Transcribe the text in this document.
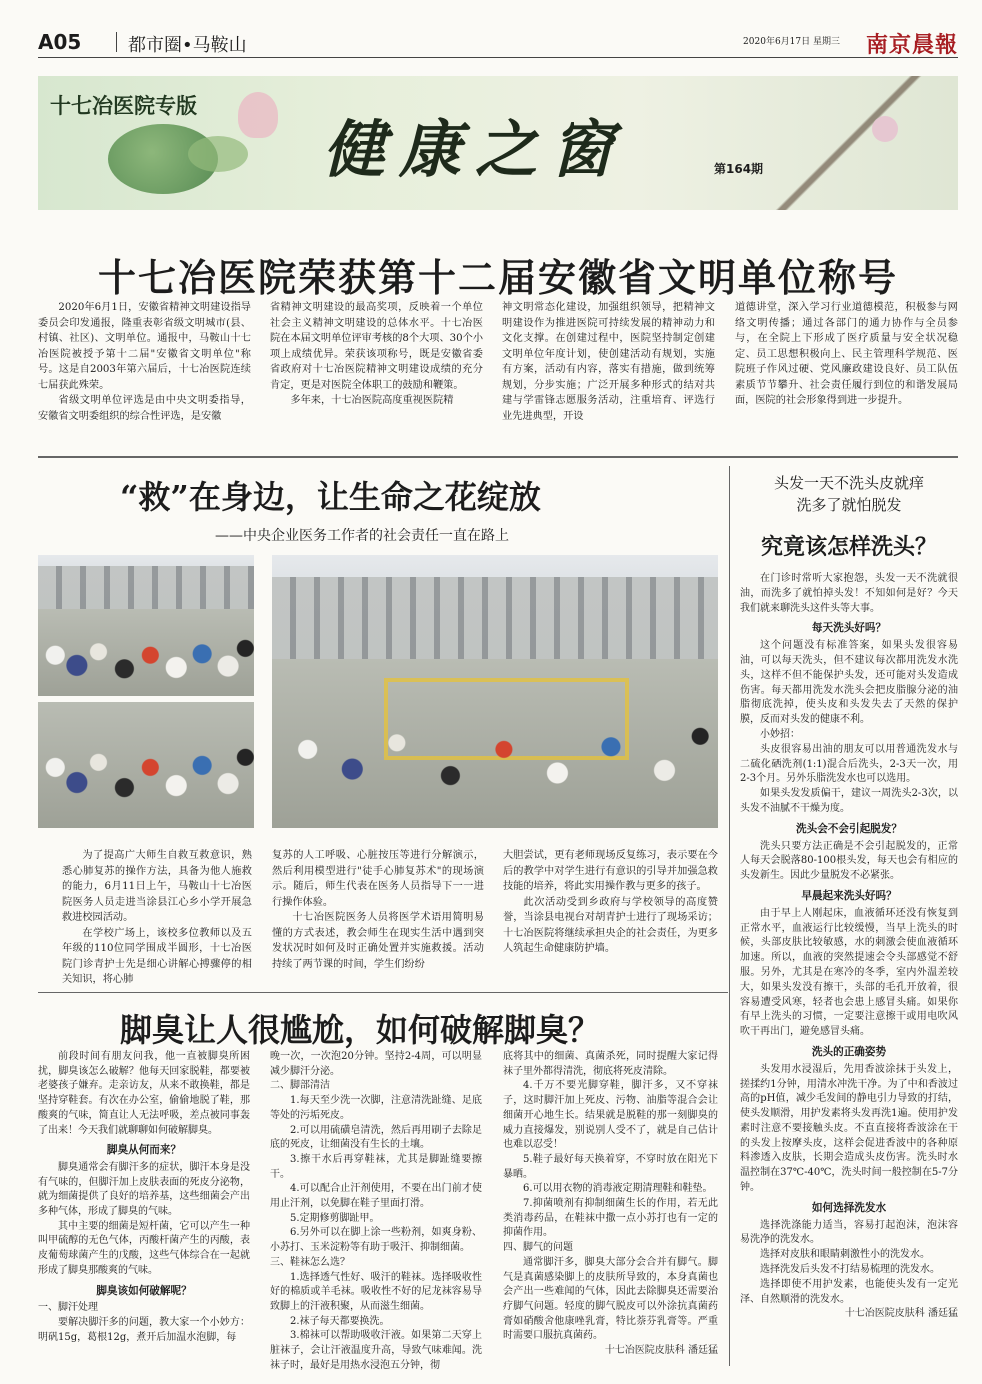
A05	都市圈•马鞍山	2020年6月17日 星期三 南京晨報
十七冶医院专版
健康之窗	第164期
十七冶医院荣获第十二届安徽省文明单位称号

2020年6月1日，安徽省精神文明建设指导委员会印发通报，隆重表彰省级文明城市(县、村镇、社区)、文明单位。通报中，马鞍山十七冶医院被授予第十二届"安徽省文明单位"称号。这是自2003年第六届后，十七冶医院连续七届获此殊荣。

省级文明单位评选是由中央文明委指导，安徽省文明委组织的综合性评选，是安徽

省精神文明建设的最高奖项，反映着一个单位社会主义精神文明建设的总体水平。十七冶医院在本届文明单位评审考核的8个大项、30个小项上成绩优异。荣获该项称号，既是安徽省委省政府对十七冶医院精神文明建设成绩的充分肯定，更是对医院全体职工的鼓励和鞭策。

多年来，十七冶医院高度重视医院精

神文明常态化建设，加强组织领导，把精神文明建设作为推进医院可持续发展的精神动力和文化支撑。在创建过程中，医院坚持制定创建文明单位年度计划，使创建活动有规划，实施有方案，活动有内容，落实有措施，做到统筹规划，分步实施；广泛开展多种形式的结对共建与学雷锋志愿服务活动，注重培育、评选行业先进典型，开设

道德讲堂，深入学习行业道德模范，积极参与网络文明传播；通过各部门的通力协作与全员参与，在全院上下形成了医疗质量与安全状况稳定、员工思想积极向上、民主管理科学规范、医院班子作风过硬、党风廉政建设良好、员工队伍素质节节攀升、社会责任履行到位的和谐发展局面，医院的社会形象得到进一步提升。

“救”在身边，让生命之花绽放
——中央企业医务工作者的社会责任一直在路上

为了提高广大师生自救互救意识，熟悉心肺复苏的操作方法，具备为他人施救的能力，6月11日上午，马鞍山十七冶医院医务人员走进当涂县江心乡小学开展急救进校园活动。

在学校广场上，该校多位教师以及五年级的110位同学围成半圆形，十七冶医院门诊青护士先是细心讲解心搏骤停的相关知识，将心肺

复苏的人工呼吸、心脏按压等进行分解演示，然后利用模型进行"徒手心肺复苏术"的现场演示。随后，师生代表在医务人员指导下一一进行操作体验。

十七冶医院医务人员将医学术语用简明易懂的方式表述，教会师生在现实生活中遇到突发状况时如何及时正确处置并实施救援。活动持续了两节课的时间，学生们纷纷

大胆尝试，更有老师现场反复练习，表示要在今后的教学中对学生进行有意识的引导并加强急救技能的培养，将此实用操作教与更多的孩子。

此次活动受到乡政府与学校领导的高度赞誉，当涂县电视台对胡青护士进行了现场采访；十七冶医院将继续承担央企的社会责任，为更多人筑起生命健康防护墙。

头发一天不洗头皮就痒
洗多了就怕脱发
究竟该怎样洗头？

在门诊时常听大家抱怨，头发一天不洗就很油，而洗多了就怕掉头发！不知如何是好？今天我们就来聊洗头这件头等大事。

每天洗头好吗？

这个问题没有标准答案，如果头发很容易油，可以每天洗头，但不建议每次都用洗发水洗头，这样不但不能保护头发，还可能对头发造成伤害。每天都用洗发水洗头会把皮脂腺分泌的油脂彻底洗掉，使头皮和头发失去了天然的保护膜，反而对头发的健康不利。

小妙招：

头皮很容易出油的朋友可以用普通洗发水与二硫化硒洗剂(1:1)混合后洗头，2-3天一次，用2-3个月。另外乐脂洗发水也可以选用。

如果头发发质偏干，建议一周洗头2-3次，以头发不油腻不干燥为度。

洗头会不会引起脱发？

洗头只要方法正确是不会引起脱发的，正常人每天会脱落80-100根头发，每天也会有相应的头发新生。因此少量脱发不必紧张。

早晨起来洗头好吗？

由于早上人刚起床，血液循环还没有恢复到正常水平，血液运行比较缓慢，当早上洗头的时候，头部皮肤比较敏感，水的刺激会使血液循环加速。所以，血液的突然提速会令头部感觉不舒服。另外，尤其是在寒冷的冬季，室内外温差较大，如果头发没有擦干，头部的毛孔开放着，很容易遭受风寒，轻者也会患上感冒头痛。如果你有早上洗头的习惯，一定要注意擦干或用电吹风吹干再出门，避免感冒头痛。

洗头的正确姿势

头发用水浸湿后，先用香波涂抹于头发上，搓揉约1分钟，用清水冲洗干净。为了中和香波过高的pH值，减少毛发间的静电引力导致的打结，使头发顺滑，用护发素将头发再洗1遍。使用护发素时注意不要接触头皮。不直直接将香波涂在干的头发上按摩头皮，这样会促进香波中的各种原料渗透入皮肤，长期会造成头皮伤害。洗头时水温控制在37℃-40℃，洗头时间一般控制在5-7分钟。

如何选择洗发水

选择洗涤能力适当，容易打起泡沫，泡沫容易洗净的洗发水。

选择对皮肤和眼睛刺激性小的洗发水。

选择洗发后头发不打结易梳理的洗发水。

选择即使不用护发素，也能使头发有一定光泽、自然顺滑的洗发水。

十七冶医院皮肤科 潘廷猛

脚臭让人很尴尬，如何破解脚臭？

前段时间有朋友问我，他一直被脚臭所困扰，脚臭该怎么破解？他每天回家脱鞋，都要被老婆孩子嫌弃。走亲访友，从来不敢换鞋，都是坚持穿鞋套。有次在办公室，偷偷地脱了鞋，那酸爽的气味，简直让人无法呼吸，差点被同事轰了出来！今天我们就聊聊如何破解脚臭。

脚臭从何而来？

脚臭通常会有脚汗多的症状，脚汗本身是没有气味的，但脚汗加上皮肤表面的死皮分泌物，就为细菌提供了良好的培养基，这些细菌会产出多种气体，形成了脚臭的气味。

其中主要的细菌是短杆菌，它可以产生一种叫甲硫醇的无色气体，丙酸杆菌产生的丙酸，表皮葡萄球菌产生的戊酸，这些气体综合在一起就形成了脚臭那酸爽的气味。

脚臭该如何破解呢？

一、脚汗处理

要解决脚汗多的问题，教大家一个小妙方：明矾15g，葛根12g，煮开后加温水泡脚，每

晚一次，一次泡20分钟。坚持2-4周，可以明显减少脚汗分泌。

二、脚部清洁

1.每天至少洗一次脚，注意清洗趾缝、足底等处的污垢死皮。

2.可以用硫磺皂清洗，然后再用刷子去除足底的死皮，让细菌没有生长的土壤。

3.擦干水后再穿鞋袜，尤其是脚趾缝要擦干。

4.可以配合止汗剂使用，不要在出门前才使用止汗剂，以免脚在鞋子里面打滑。

5.定期修剪脚趾甲。

6.另外可以在脚上涂一些粉剂，如爽身粉、小苏打、玉米淀粉等有助于吸汗、抑制细菌。

三、鞋袜怎么选？

1.选择透气性好、吸汗的鞋袜。选择吸收性好的棉质或羊毛袜。吸收性不好的尼龙袜容易导致脚上的汗液积聚，从而滋生细菌。

2.袜子每天都要换洗。

3.棉袜可以帮助吸收汗液。如果第二天穿上脏袜子，会让汗液温度升高，导致气味难闻。洗袜子时，最好是用热水浸泡五分钟，彻

底将其中的细菌、真菌杀死，同时提醒大家记得袜子里外都得清洗，彻底将死皮清除。

4.千万不要光脚穿鞋，脚汗多，又不穿袜子，这时脚汗加上死皮、污物、油脂等混合会让细菌开心地生长。结果就是脱鞋的那一刻脚臭的威力直接爆发，别说别人受不了，就是自己估计也难以忍受！

5.鞋子最好每天换着穿，不穿时放在阳光下暴晒。

6.可以用衣物的消毒液定期清理鞋和鞋垫。

7.抑菌喷剂有抑制细菌生长的作用，若无此类消毒药品，在鞋袜中撒一点小苏打也有一定的抑菌作用。

四、脚气的问题

通常脚汗多，脚臭大部分会合并有脚气。脚气是真菌感染脚上的皮肤所导致的，本身真菌也会产出一些难闻的气体，因此去除脚臭还需要治疗脚气问题。轻度的脚气脱皮可以外涂抗真菌药膏如硝酸舍他康唑乳膏，特比萘芬乳膏等。严重时需要口服抗真菌药。

十七冶医院皮肤科 潘廷猛
